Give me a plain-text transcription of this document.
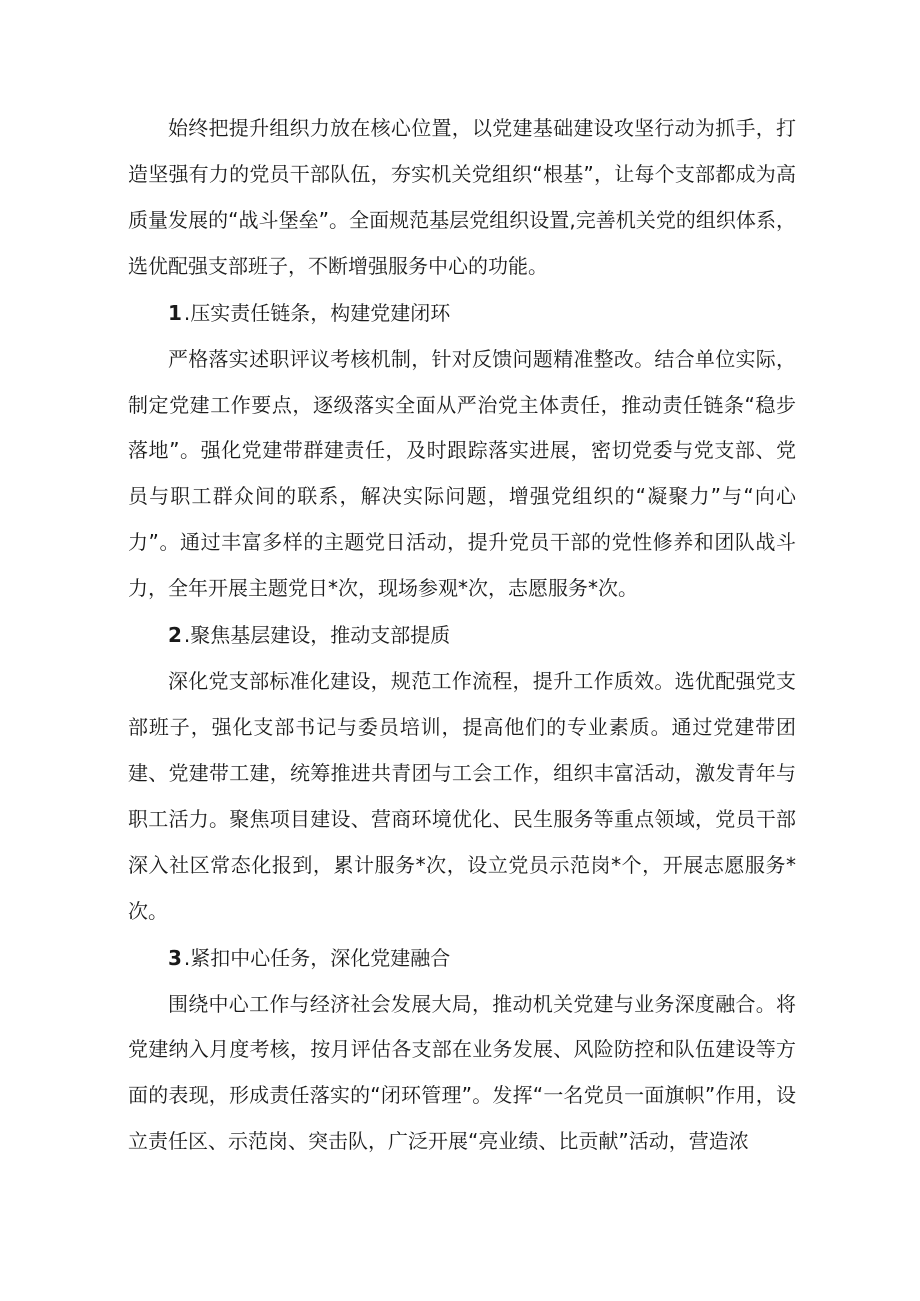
始终把提升组织力放在核心位置，以党建基础建设攻坚行动为抓手，打造坚强有力的党员干部队伍，夯实机关党组织“根基”，让每个支部都成为高质量发展的“战斗堡垒”。全面规范基层党组织设置,完善机关党的组织体系，选优配强支部班子，不断增强服务中心的功能。

1 .压实责任链条，构建党建闭环

严格落实述职评议考核机制，针对反馈问题精准整改。结合单位实际，制定党建工作要点，逐级落实全面从严治党主体责任，推动责任链条“稳步落地”。强化党建带群建责任，及时跟踪落实进展，密切党委与党支部、党员与职工群众间的联系，解决实际问题，增强党组织的“凝聚力”与“向心力”。通过丰富多样的主题党日活动，提升党员干部的党性修养和团队战斗力，全年开展主题党日*次，现场参观*次，志愿服务*次。

2 .聚焦基层建设，推动支部提质

深化党支部标准化建设，规范工作流程，提升工作质效。选优配强党支部班子，强化支部书记与委员培训，提高他们的专业素质。通过党建带团建、党建带工建，统筹推进共青团与工会工作，组织丰富活动，激发青年与职工活力。聚焦项目建设、营商环境优化、民生服务等重点领域，党员干部深入社区常态化报到，累计服务*次，设立党员示范岗*个，开展志愿服务*次。

3 .紧扣中心任务，深化党建融合

围绕中心工作与经济社会发展大局，推动机关党建与业务深度融合。将党建纳入月度考核，按月评估各支部在业务发展、风险防控和队伍建设等方面的表现，形成责任落实的“闭环管理”。发挥“一名党员一面旗帜”作用，设立责任区、示范岗、突击队，广泛开展“亮业绩、比贡献”活动，营造浓
